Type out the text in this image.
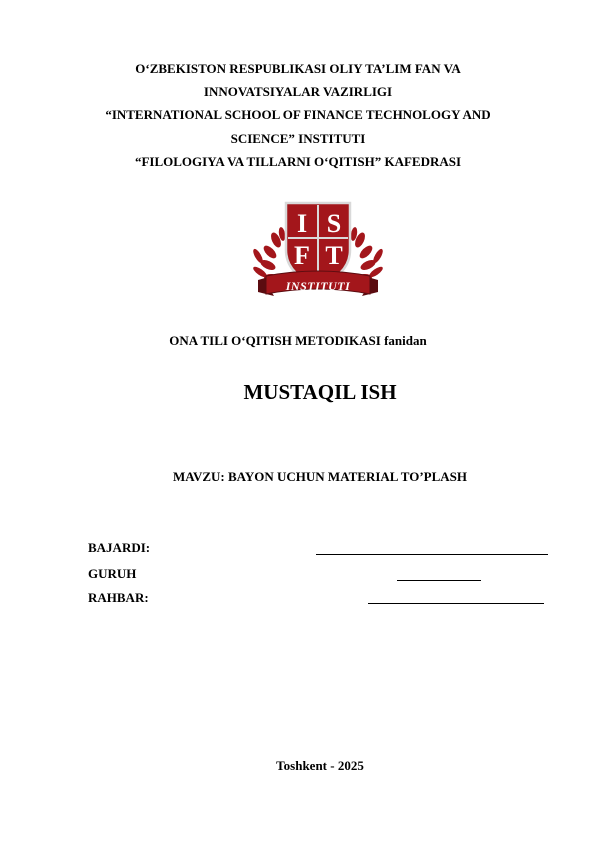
O‘ZBEKISTON RESPUBLIKASI OLIY TA’LIM FAN VA
INNOVATSIYALAR VAZIRLIGI
“INTERNATIONAL SCHOOL OF FINANCE TECHNOLOGY AND
SCIENCE” INSTITUTI
“FILOLOGIYA VA TILLARNI O‘QITISH” KAFEDRASI
I S
F T
INSTITUTI
ONA TILI O‘QITISH METODIKASI fanidan
MUSTAQIL ISH
MAVZU: BAYON UCHUN MATERIAL TO’PLASH
BAJARDI:
GURUH
RAHBAR:
Toshkent - 2025
